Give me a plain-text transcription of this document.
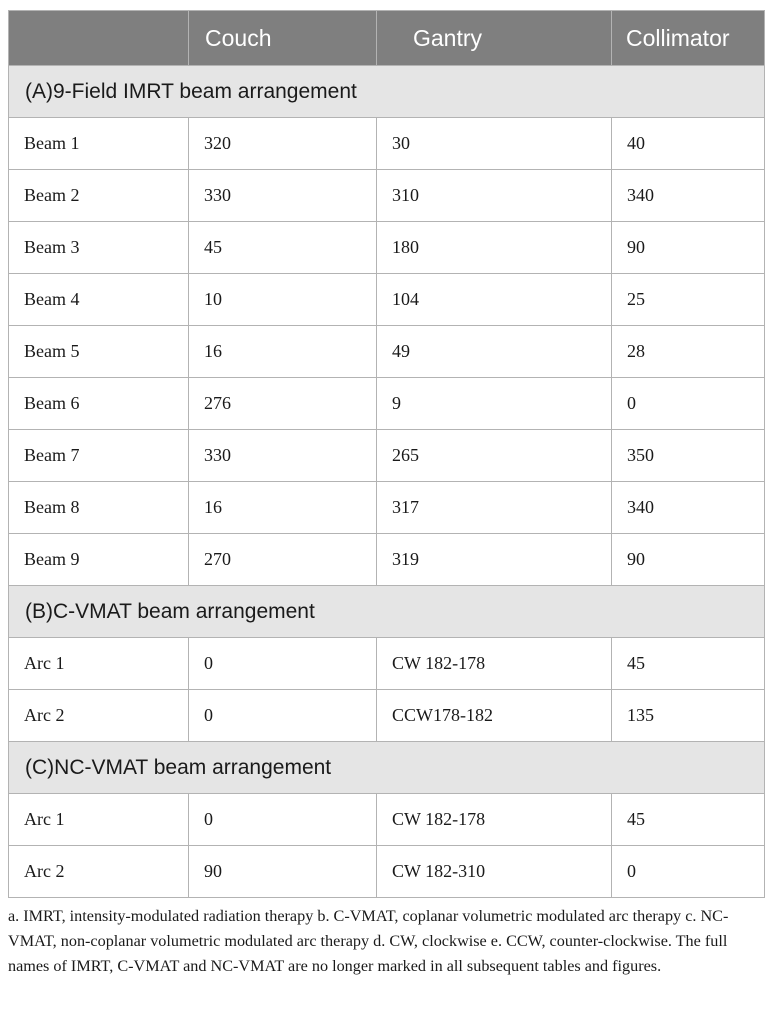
	Couch	Gantry	Collimator
(A)9-Field IMRT beam arrangement			
Beam 1	320	30	40
Beam 2	330	310	340
Beam 3	45	180	90
Beam 4	10	104	25
Beam 5	16	49	28
Beam 6	276	9	0
Beam 7	330	265	350
Beam 8	16	317	340
Beam 9	270	319	90
(B)C-VMAT beam arrangement			
Arc 1	0	CW 182-178	45
Arc 2	0	CCW178-182	135
(C)NC-VMAT beam arrangement			
Arc 1	0	CW 182-178	45
Arc 2	90	CW 182-310	0

a. IMRT, intensity-modulated radiation therapy b. C-VMAT, coplanar volumetric modulated arc therapy c. NC-VMAT, non-coplanar volumetric modulated arc therapy d. CW, clockwise e. CCW, counter-clockwise. The full names of IMRT, C-VMAT and NC-VMAT are no longer marked in all subsequent tables and figures.
